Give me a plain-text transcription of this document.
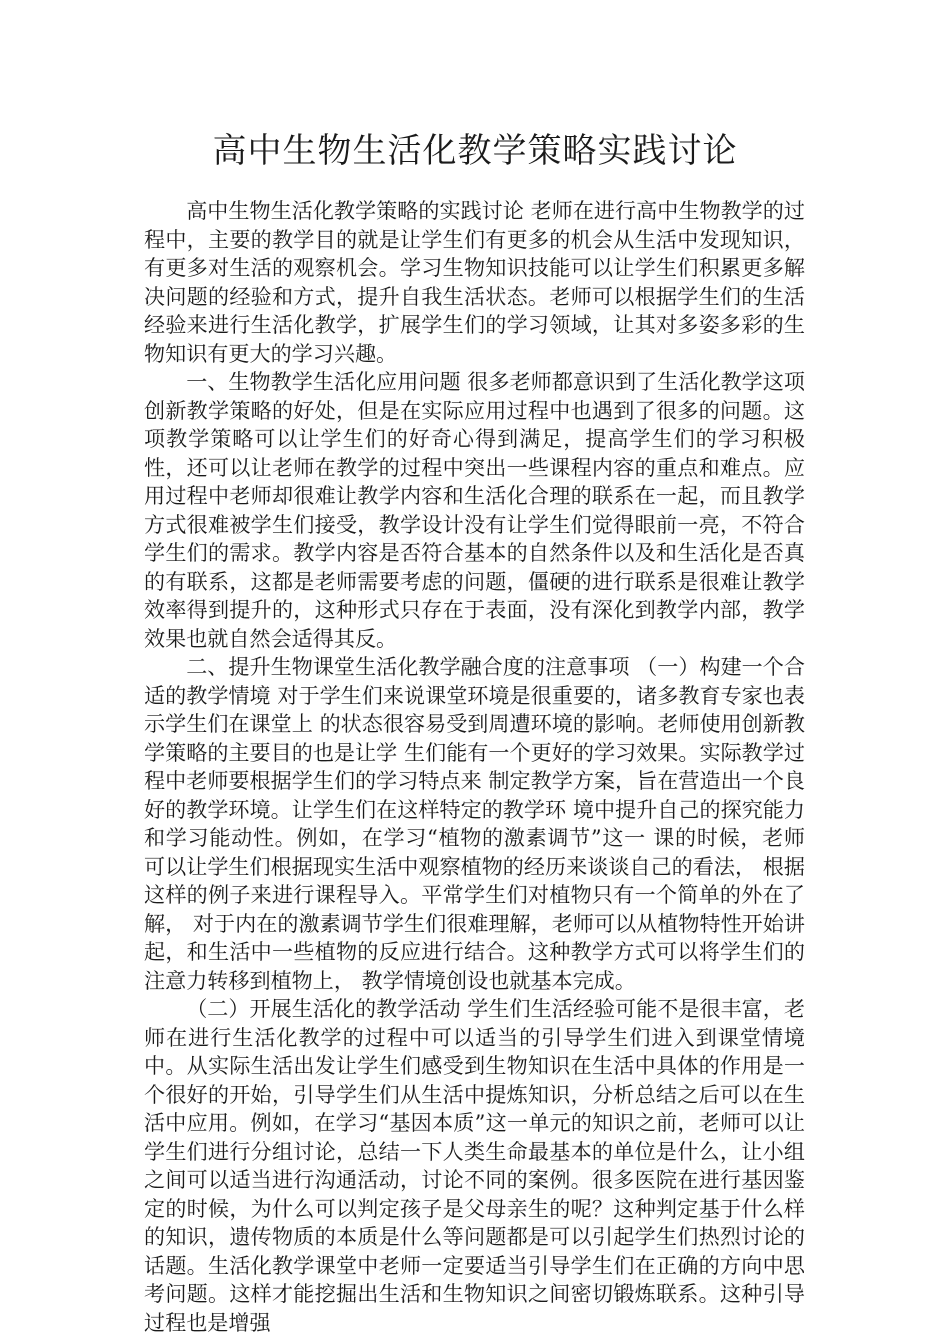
高中生物生活化教学策略实践讨论

高中生物生活化教学策略的实践讨论 老师在进行高中生物教学的过程中，主要的教学目的就是让学生们有更多的机会从生活中发现知识，有更多对生活的观察机会。学习生物知识技能可以让学生们积累更多解决问题的经验和方式，提升自我生活状态。老师可以根据学生们的生活经验来进行生活化教学，扩展学生们的学习领域，让其对多姿多彩的生物知识有更大的学习兴趣。

一、生物教学生活化应用问题 很多老师都意识到了生活化教学这项创新教学策略的好处，但是在实际应用过程中也遇到了很多的问题。这项教学策略可以让学生们的好奇心得到满足，提高学生们的学习积极性，还可以让老师在教学的过程中突出一些课程内容的重点和难点。应用过程中老师却很难让教学内容和生活化合理的联系在一起，而且教学方式很难被学生们接受，教学设计没有让学生们觉得眼前一亮，不符合学生们的需求。教学内容是否符合基本的自然条件以及和生活化是否真的有联系，这都是老师需要考虑的问题，僵硬的进行联系是很难让教学效率得到提升的，这种形式只存在于表面，没有深化到教学内部，教学效果也就自然会适得其反。

二、提升生物课堂生活化教学融合度的注意事项 （一）构建一个合适的教学情境 对于学生们来说课堂环境是很重要的，诸多教育专家也表示学生们在课堂上 的状态很容易受到周遭环境的影响。老师使用创新教学策略的主要目的也是让学 生们能有一个更好的学习效果。实际教学过程中老师要根据学生们的学习特点来 制定教学方案，旨在营造出一个良好的教学环境。让学生们在这样特定的教学环 境中提升自己的探究能力和学习能动性。例如，在学习“植物的激素调节”这一 课的时候，老师可以让学生们根据现实生活中观察植物的经历来谈谈自己的看法， 根据这样的例子来进行课程导入。平常学生们对植物只有一个简单的外在了解， 对于内在的激素调节学生们很难理解，老师可以从植物特性开始讲起，和生活中一些植物的反应进行结合。这种教学方式可以将学生们的注意力转移到植物上， 教学情境创设也就基本完成。

（二）开展生活化的教学活动 学生们生活经验可能不是很丰富，老师在进行生活化教学的过程中可以适当的引导学生们进入到课堂情境中。从实际生活出发让学生们感受到生物知识在生活中具体的作用是一个很好的开始，引导学生们从生活中提炼知识，分析总结之后可以在生活中应用。例如，在学习“基因本质”这一单元的知识之前，老师可以让学生们进行分组讨论，总结一下人类生命最基本的单位是什么，让小组之间可以适当进行沟通活动，讨论不同的案例。很多医院在进行基因鉴定的时候，为什么可以判定孩子是父母亲生的呢？这种判定基于什么样的知识，遗传物质的本质是什么等问题都是可以引起学生们热烈讨论的话题。生活化教学课堂中老师一定要适当引导学生们在正确的方向中思考问题。这样才能挖掘出生活和生物知识之间密切锻炼联系。这种引导过程也是增强
